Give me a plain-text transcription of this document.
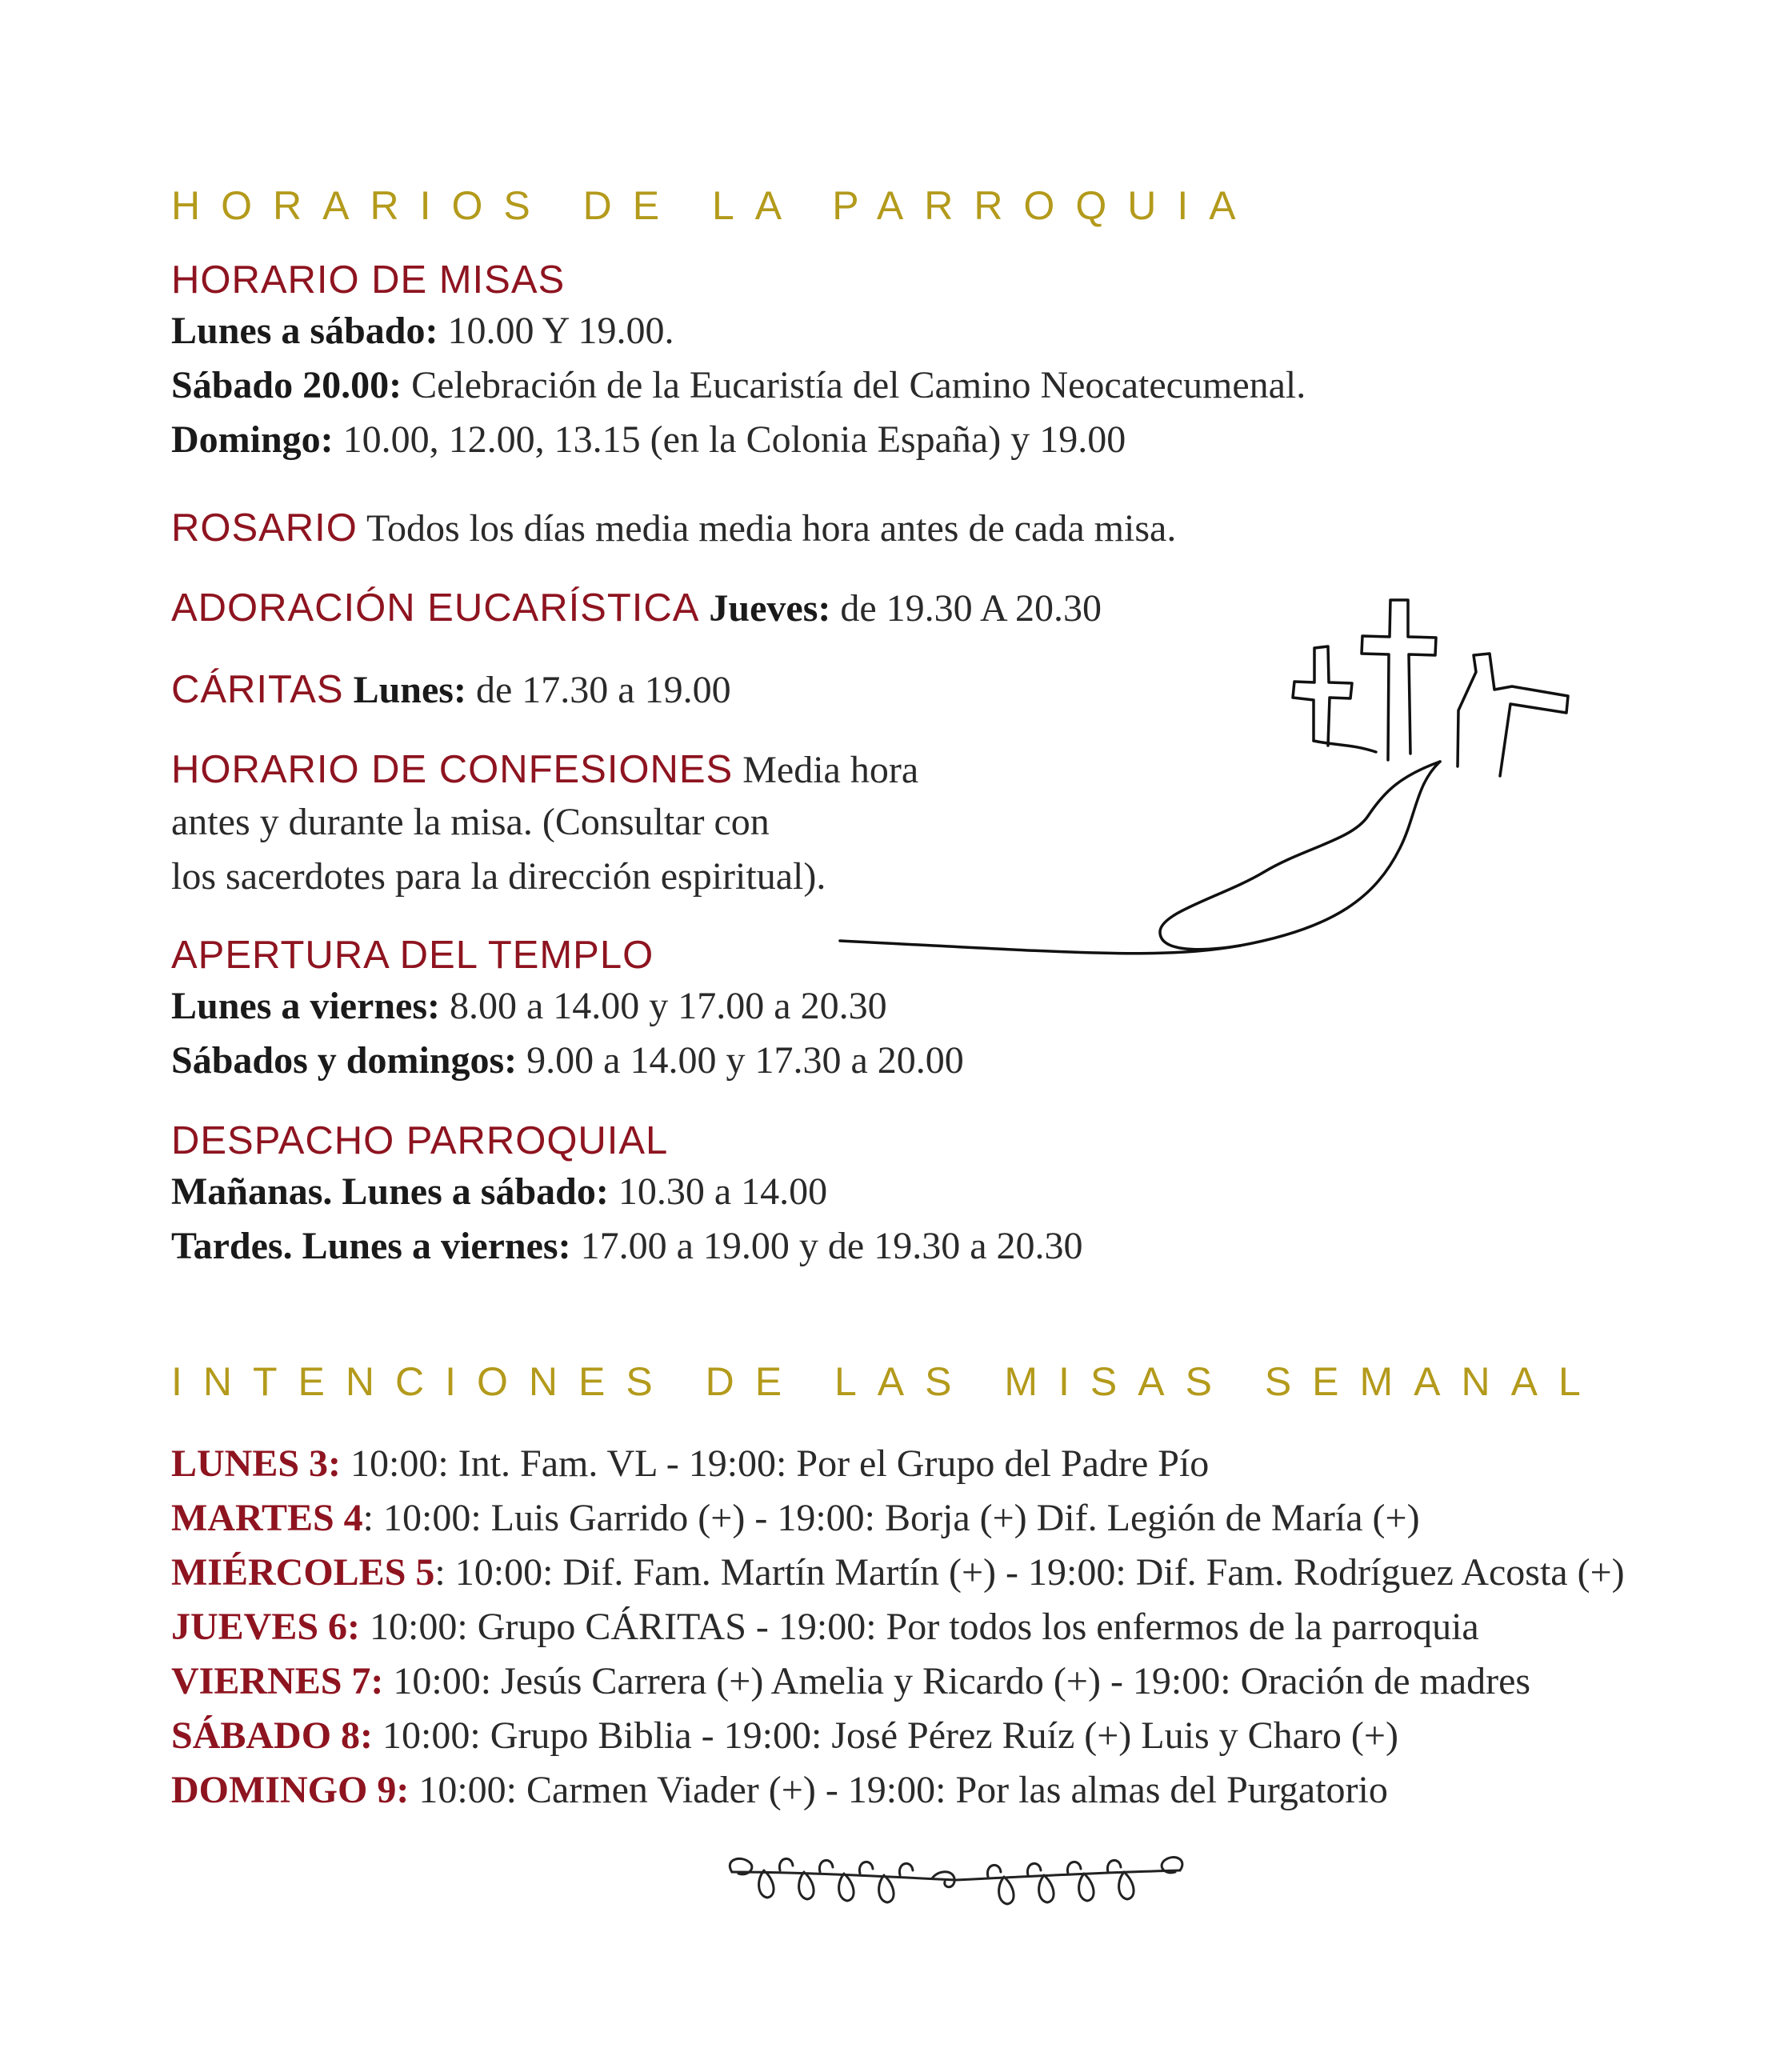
HORARIOS DE LA PARROQUIA
HORARIO DE MISAS
Lunes a sábado: 10.00 Y 19.00.
Sábado 20.00: Celebración de la Eucaristía del Camino Neocatecumenal.
Domingo: 10.00, 12.00, 13.15 (en la Colonia España) y 19.00
ROSARIO Todos los días media media hora antes de cada misa.
ADORACIÓN EUCARÍSTICA Jueves: de 19.30 A 20.30
CÁRITAS Lunes: de 17.30 a 19.00
HORARIO DE CONFESIONES Media hora
antes y durante la misa. (Consultar con
los sacerdotes para la dirección espiritual).
APERTURA DEL TEMPLO
Lunes a viernes: 8.00 a 14.00 y 17.00 a 20.30
Sábados y domingos: 9.00 a 14.00 y 17.30 a 20.00
DESPACHO PARROQUIAL
Mañanas. Lunes a sábado: 10.30 a 14.00
Tardes. Lunes a viernes: 17.00 a 19.00 y de 19.30 a 20.30
INTENCIONES DE LAS MISAS SEMANAL
LUNES 3: 10:00: Int. Fam. VL - 19:00: Por el Grupo del Padre Pío
MARTES 4: 10:00: Luis Garrido (+) - 19:00: Borja (+) Dif. Legión de María (+)
MIÉRCOLES 5: 10:00: Dif. Fam. Martín Martín (+) - 19:00: Dif. Fam. Rodríguez Acosta (+)
JUEVES 6: 10:00: Grupo CÁRITAS - 19:00: Por todos los enfermos de la parroquia
VIERNES 7: 10:00: Jesús Carrera (+) Amelia y Ricardo (+) - 19:00: Oración de madres
SÁBADO 8: 10:00: Grupo Biblia - 19:00: José Pérez Ruíz (+) Luis y Charo (+)
DOMINGO 9: 10:00: Carmen Viader (+) - 19:00: Por las almas del Purgatorio
